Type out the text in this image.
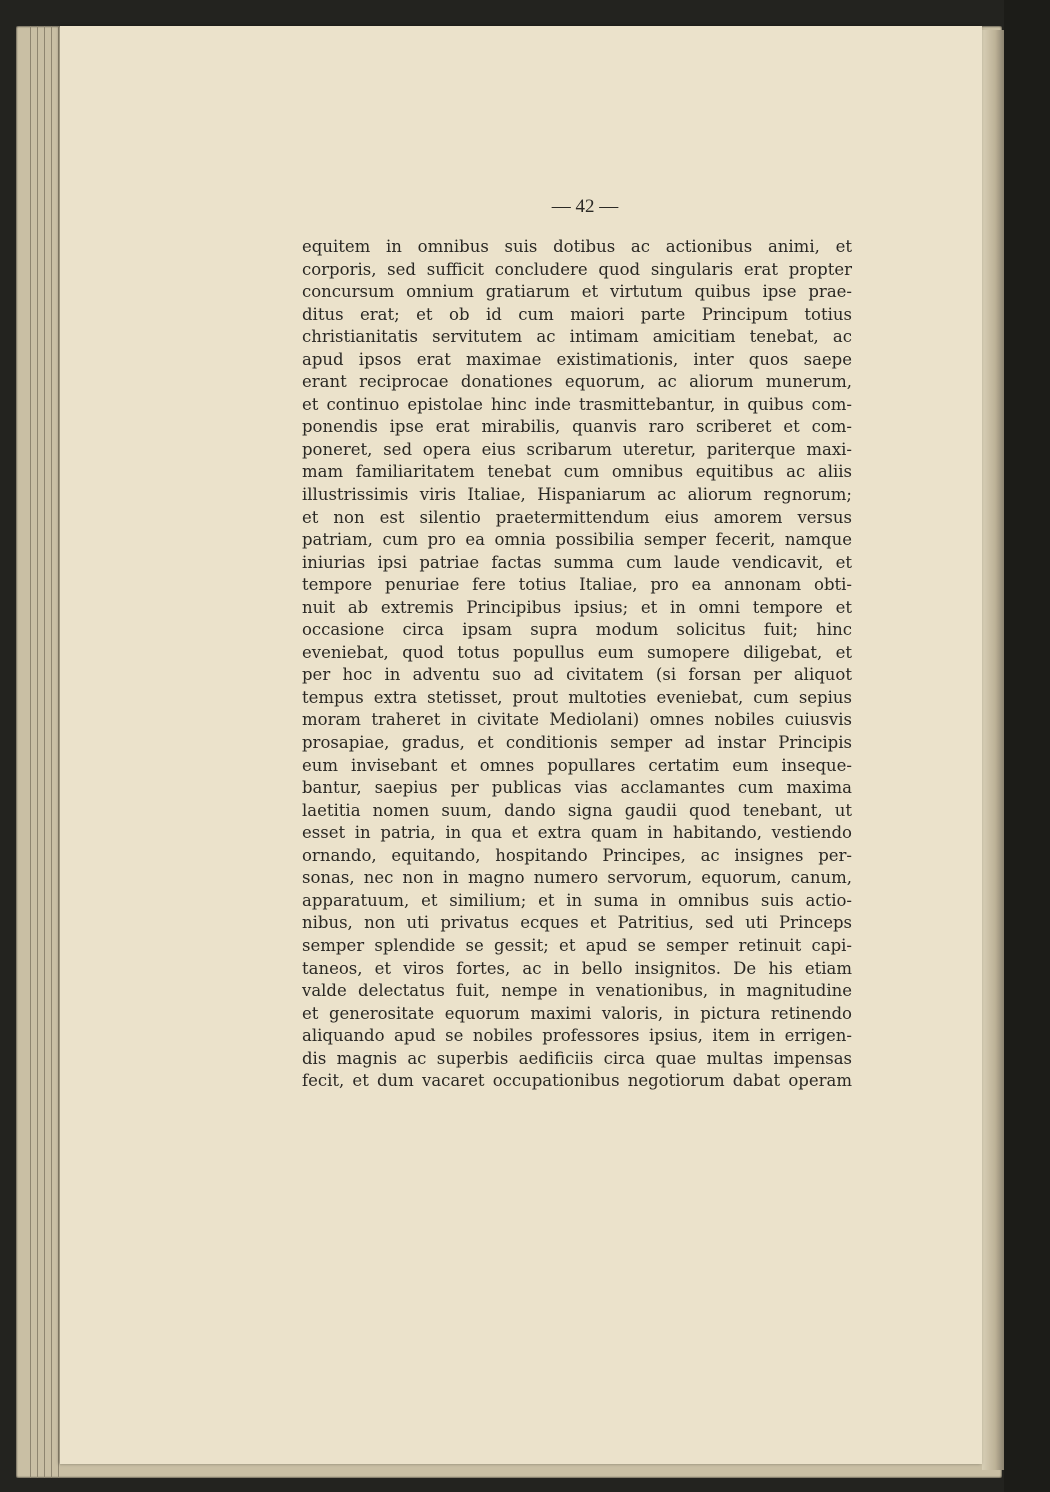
— 42 —
equitem in omnibus suis dotibus ac actionibus animi, et
corporis, sed sufficit concludere quod singularis erat propter
concursum omnium gratiarum et virtutum quibus ipse prae-
ditus erat; et ob id cum maiori parte Principum totius
christianitatis servitutem ac intimam amicitiam tenebat, ac
apud ipsos erat maximae existimationis, inter quos saepe
erant reciprocae donationes equorum, ac aliorum munerum,
et continuo epistolae hinc inde trasmittebantur, in quibus com-
ponendis ipse erat mirabilis, quanvis raro scriberet et com-
poneret, sed opera eius scribarum uteretur, pariterque maxi-
mam familiaritatem tenebat cum omnibus equitibus ac aliis
illustrissimis viris Italiae, Hispaniarum ac aliorum regnorum;
et non est silentio praetermittendum eius amorem versus
patriam, cum pro ea omnia possibilia semper fecerit, namque
iniurias ipsi patriae factas summa cum laude vendicavit, et
tempore penuriae fere totius Italiae, pro ea annonam obti-
nuit ab extremis Principibus ipsius; et in omni tempore et
occasione circa ipsam supra modum solicitus fuit; hinc
eveniebat, quod totus popullus eum sumopere diligebat, et
per hoc in adventu suo ad civitatem (si forsan per aliquot
tempus extra stetisset, prout multoties eveniebat, cum sepius
moram traheret in civitate Mediolani) omnes nobiles cuiusvis
prosapiae, gradus, et conditionis semper ad instar Principis
eum invisebant et omnes popullares certatim eum inseque-
bantur, saepius per publicas vias acclamantes cum maxima
laetitia nomen suum, dando signa gaudii quod tenebant, ut
esset in patria, in qua et extra quam in habitando, vestiendo
ornando, equitando, hospitando Principes, ac insignes per-
sonas, nec non in magno numero servorum, equorum, canum,
apparatuum, et similium; et in suma in omnibus suis actio-
nibus, non uti privatus ecques et Patritius, sed uti Princeps
semper splendide se gessit; et apud se semper retinuit capi-
taneos, et viros fortes, ac in bello insignitos. De his etiam
valde delectatus fuit, nempe in venationibus, in magnitudine
et generositate equorum maximi valoris, in pictura retinendo
aliquando apud se nobiles professores ipsius, item in errigen-
dis magnis ac superbis aedificiis circa quae multas impensas
fecit, et dum vacaret occupationibus negotiorum dabat operam
